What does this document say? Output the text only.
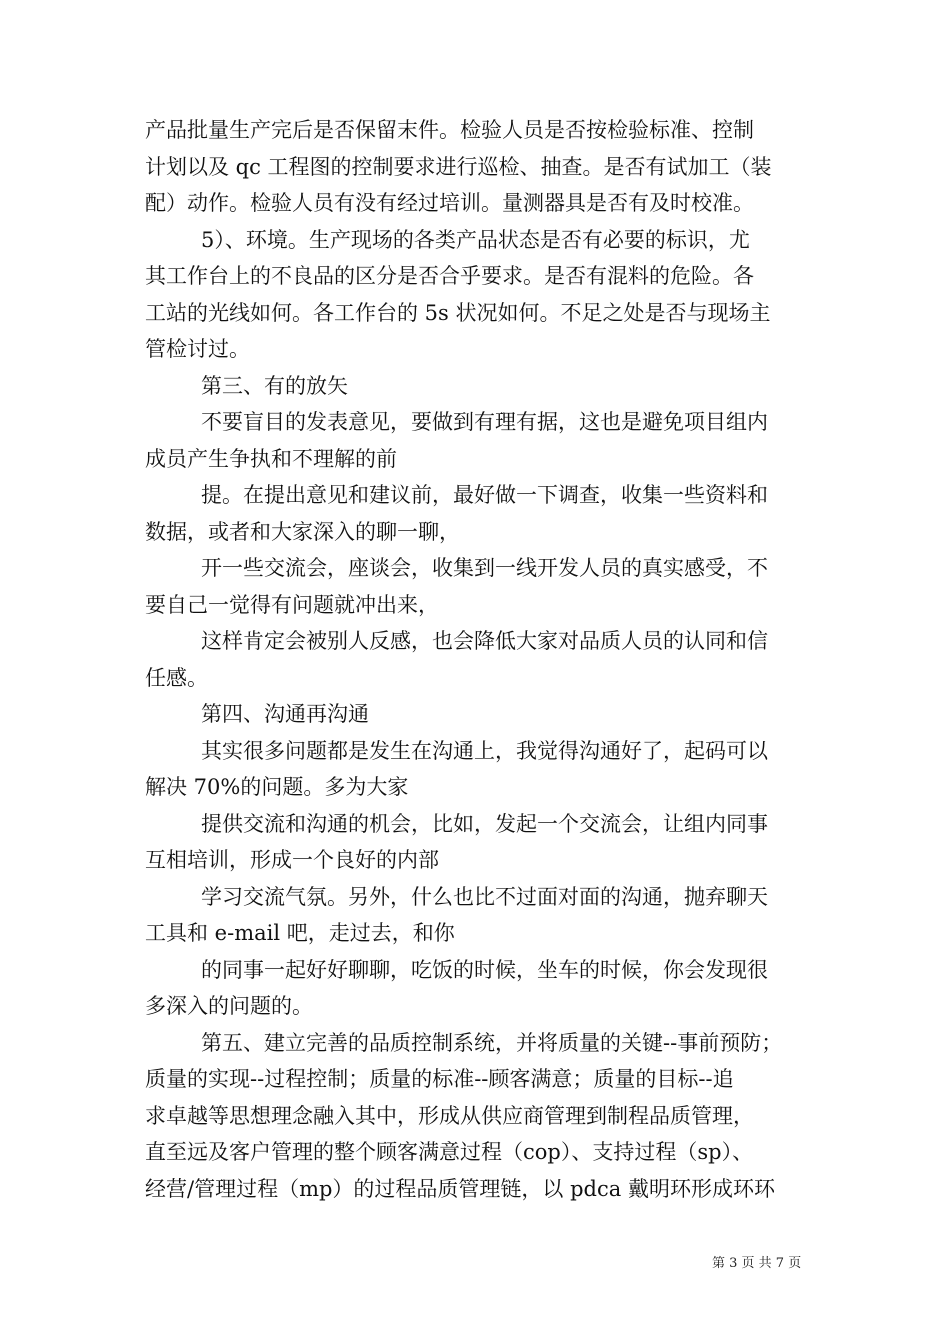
产品批量生产完后是否保留末件。检验人员是否按检验标准、控制
计划以及 qc 工程图的控制要求进行巡检、抽查。是否有试加工（装
配）动作。检验人员有没有经过培训。量测器具是否有及时校准。
5）、环境。生产现场的各类产品状态是否有必要的标识，尤
其工作台上的不良品的区分是否合乎要求。是否有混料的危险。各
工站的光线如何。各工作台的 5s 状况如何。不足之处是否与现场主
管检讨过。
第三、有的放矢
不要盲目的发表意见，要做到有理有据，这也是避免项目组内
成员产生争执和不理解的前
提。在提出意见和建议前，最好做一下调查，收集一些资料和
数据，或者和大家深入的聊一聊，
开一些交流会，座谈会，收集到一线开发人员的真实感受，不
要自己一觉得有问题就冲出来，
这样肯定会被别人反感，也会降低大家对品质人员的认同和信
任感。
第四、沟通再沟通
其实很多问题都是发生在沟通上，我觉得沟通好了，起码可以
解决 70%的问题。多为大家
提供交流和沟通的机会，比如，发起一个交流会，让组内同事
互相培训，形成一个良好的内部
学习交流气氛。另外，什么也比不过面对面的沟通，抛弃聊天
工具和 e-mail 吧，走过去，和你
的同事一起好好聊聊，吃饭的时候，坐车的时候，你会发现很
多深入的问题的。
第五、建立完善的品质控制系统，并将质量的关键--事前预防；
质量的实现--过程控制；质量的标准--顾客满意；质量的目标--追
求卓越等思想理念融入其中，形成从供应商管理到制程品质管理，
直至远及客户管理的整个顾客满意过程（cop）、支持过程（sp）、
经营/管理过程（mp）的过程品质管理链，以 pdca 戴明环形成环环
第 3 页 共 7 页
